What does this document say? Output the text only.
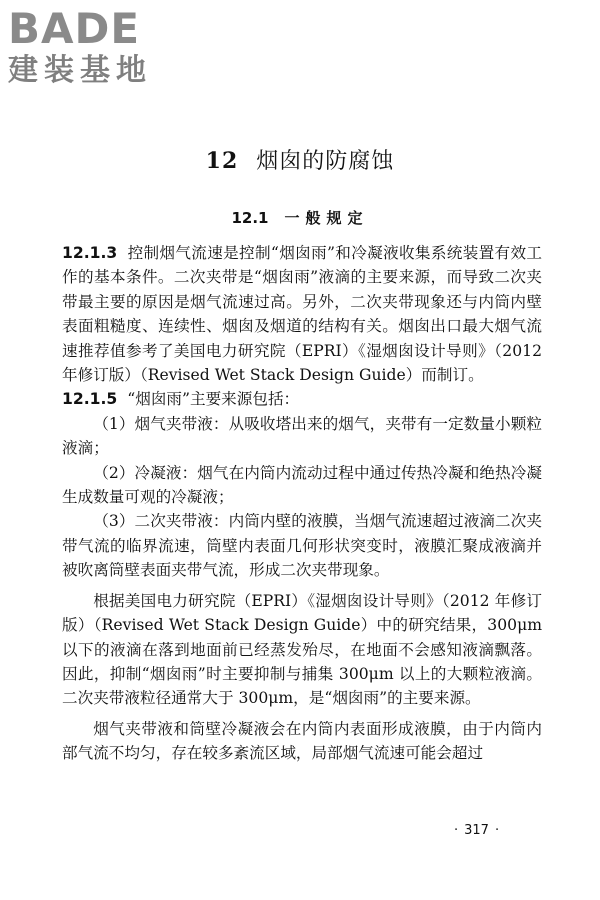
BADE
建装基地
12 烟囱的防腐蚀
12.1 一般规定

12.1.3 控制烟气流速是控制“烟囱雨”和冷凝液收集系统装置有效工作的基本条件。二次夹带是“烟囱雨”液滴的主要来源，而导致二次夹带最主要的原因是烟气流速过高。另外，二次夹带现象还与内筒内壁表面粗糙度、连续性、烟囱及烟道的结构有关。烟囱出口最大烟气流速推荐值参考了美国电力研究院（EPRI）《湿烟囱设计导则》（2012 年修订版）（Revised Wet Stack Design Guide）而制订。

12.1.5 “烟囱雨”主要来源包括：

（1）烟气夹带液：从吸收塔出来的烟气，夹带有一定数量小颗粒液滴；

（2）冷凝液：烟气在内筒内流动过程中通过传热冷凝和绝热冷凝生成数量可观的冷凝液；

（3）二次夹带液：内筒内壁的液膜，当烟气流速超过液滴二次夹带气流的临界流速，筒壁内表面几何形状突变时，液膜汇聚成液滴并被吹离筒壁表面夹带气流，形成二次夹带现象。

根据美国电力研究院（EPRI）《湿烟囱设计导则》（2012 年修订版）（Revised Wet Stack Design Guide）中的研究结果，300μm 以下的液滴在落到地面前已经蒸发殆尽，在地面不会感知液滴飘落。因此，抑制“烟囱雨”时主要抑制与捕集 300μm 以上的大颗粒液滴。二次夹带液粒径通常大于 300μm，是“烟囱雨”的主要来源。

烟气夹带液和筒壁冷凝液会在内筒内表面形成液膜，由于内筒内部气流不均匀，存在较多紊流区域，局部烟气流速可能会超过

· 317 ·
